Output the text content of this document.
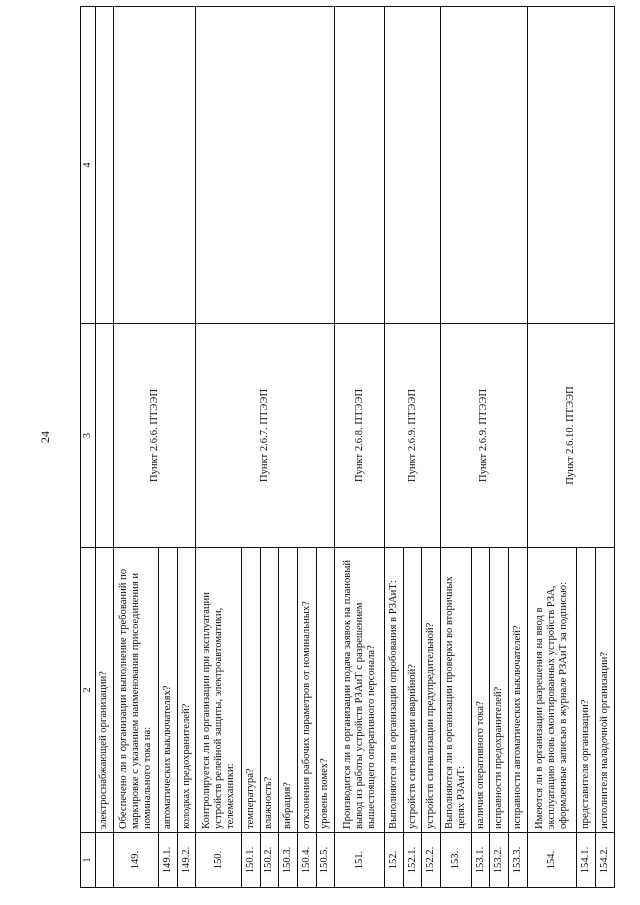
24
1	2	3	4
	электроснабжающей организации?		
149.	Обеспечено ли в организации выполнение требований по маркировке с указанием наименования присоединения и номинального тока на:	Пункт 2.6.6. ПТЭЭП	
149.1.	автоматических выключателях?		
149.2.	колодках предохранителей?		
150.	Контролируется ли в организации при эксплуатации устройств релейной защиты, электроавтоматики, телемеханики:	Пункт 2.6.7. ПТЭЭП	
150.1.	температура?		
150.2.	влажность?		
150.3.	вибрация?		
150.4.	отклонения рабочих параметров от номинальных?		
150.5.	уровень помех?		
151.	Производится ли в организации подача заявок на плановый вывод из работы устройств РЗАиТ с разрешением вышестоящего оперативного персонала?	Пункт 2.6.8. ПТЭЭП	
152.	Выполняются ли в организации опробования в РЗАиТ:	Пункт 2.6.9. ПТЭЭП	
152.1.	устройств сигнализации аварийной?		
152.2.	устройств сигнализации предупредительной?		
153.	Выполняются ли в организации проверки во вторичных цепях РЗАиТ:	Пункт 2.6.9. ПТЭЭП	
153.1.	наличия оперативного тока?		
153.2.	исправности предохранителей?		
153.3.	исправности автоматических выключателей?		
154.	Имеются ли в организации разрешения на ввод в эксплуатацию вновь смонтированных устройств РЗА, оформленные записью в журнале РЗАиТ за подписью:	Пункт 2.6.10. ПТЭЭП	
154.1.	представителя организации?		
154.2.	исполнителя наладочной организации?		
